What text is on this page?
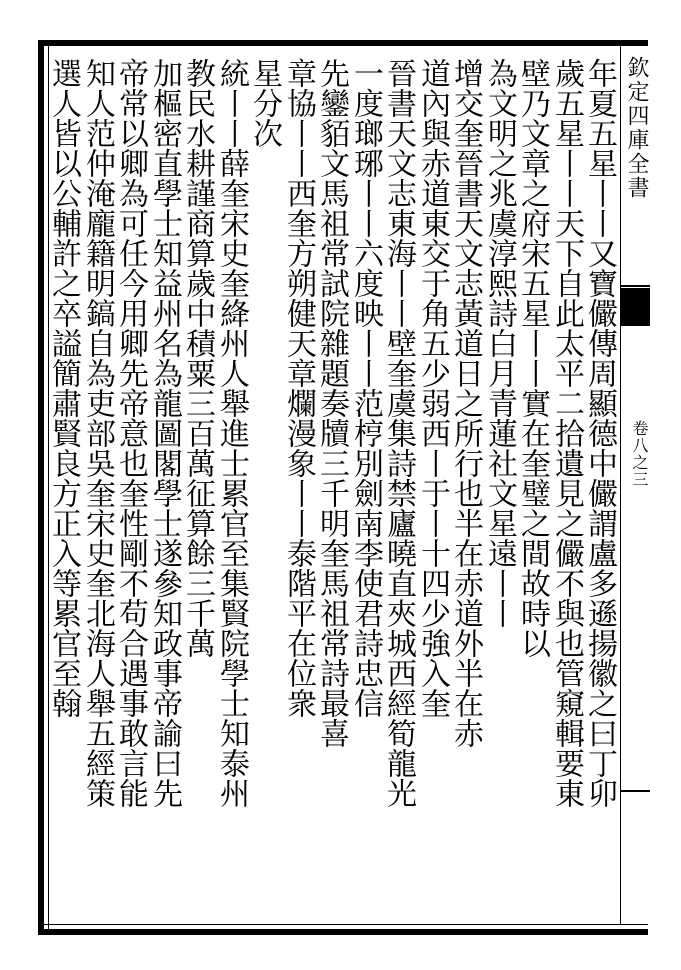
欽定四庫全書
卷八之三
年夏五星丨丨又寶儼傳周顯德中儼謂盧多遜揚徽之曰丁卯
歲五星丨丨天下自此太平二拾遺見之儼不與也管窺輯要東
壁乃文章之府宋五星丨丨實在奎璧之間故時以
為文明之兆虞淳熙詩白月青蓮社文星遠丨丨
增交奎晉書天文志黃道日之所行也半在赤道外半在赤
道內與赤道東交于角五少弱西丨于丨十四少強入奎
晉書天文志東海丨丨壁奎虞集詩禁廬曉直夾城西經筍龍光
一度瑯琊丨丨六度映丨丨范梈別劍南李使君詩忠信
先鑾貊文馬祖常試院雜題奏牘三千明奎馬祖常詩最喜
章協丨丨西奎方朔健天章爛漫象丨丨泰階平在位衆
星分次
統丨丨薛奎宋史奎絳州人舉進士累官至集賢院學士知泰州
教民水耕謹商算歲中積粟三百萬征算餘三千萬
加樞密直學士知益州名為龍圖閣學士遂參知政事帝諭曰先
帝常以卿為可任今用卿先帝意也奎性剛不苟合遇事敢言能
知人范仲淹龐籍明鎬自為吏部吳奎宋史奎北海人舉五經策
選人皆以公輔許之卒謚簡肅賢良方正入等累官至翰
